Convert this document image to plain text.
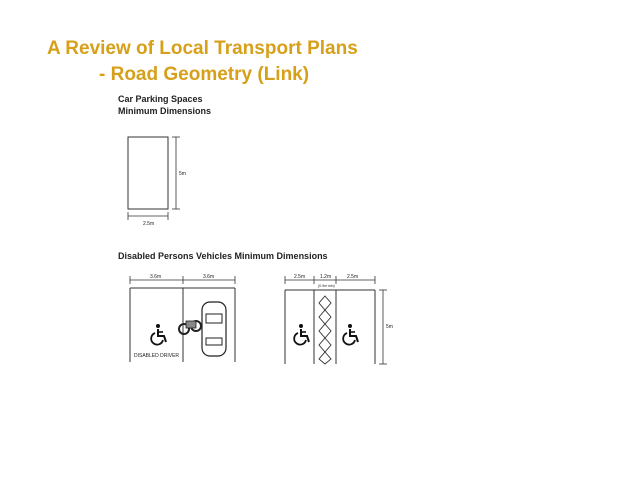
A Review of Local Transport Plans
- Road Geometry (Link)
Car Parking Spaces
Minimum Dimensions
5m
2.5m
Disabled Persons Vehicles Minimum Dimensions
3.6m	3.6m
DISABLED DRIVER
2.5m	1.2m	2.5m
(0.9m min)
5m
